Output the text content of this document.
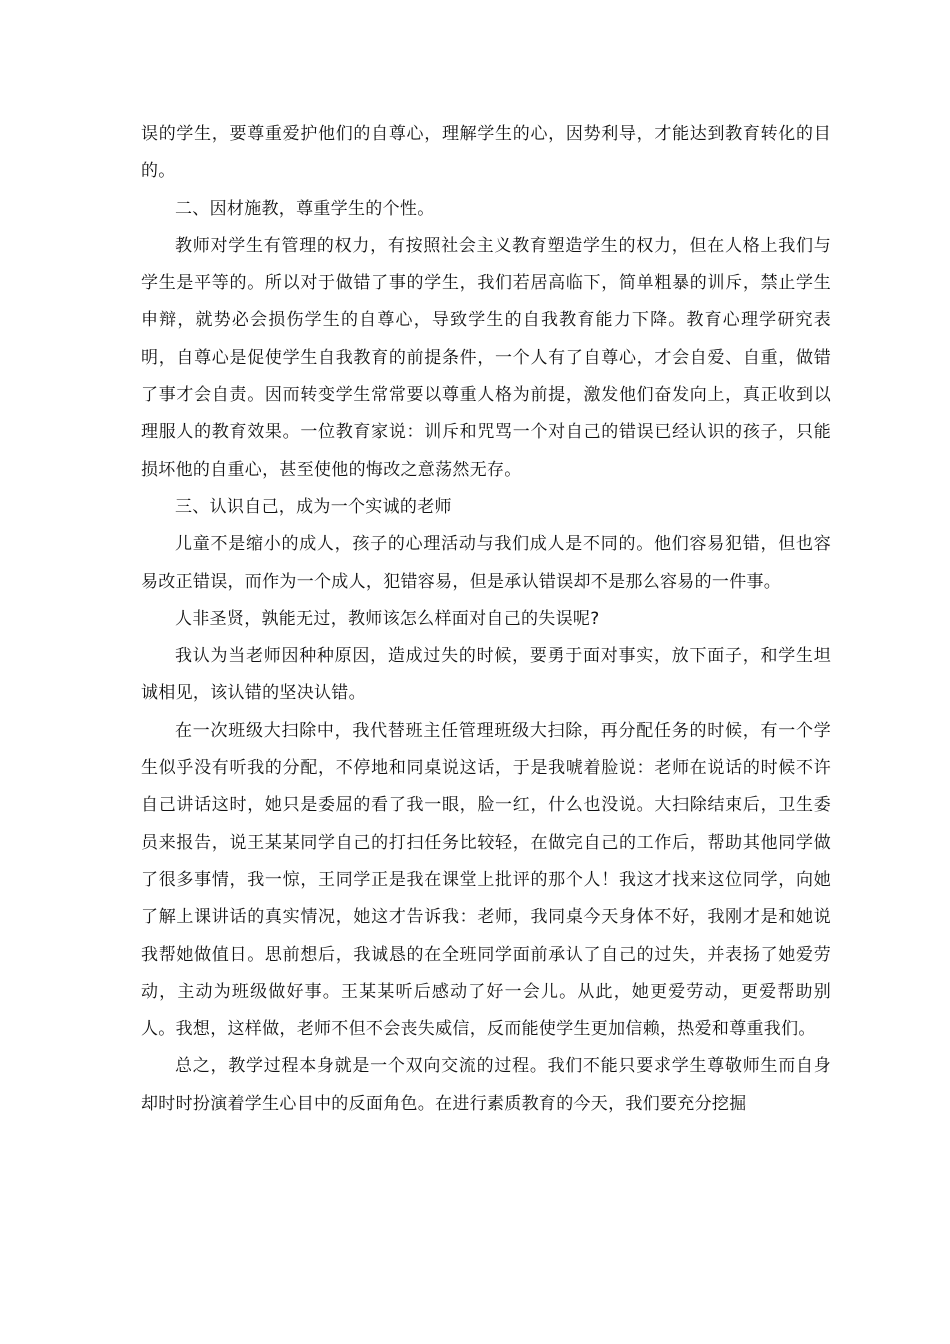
误的学生，要尊重爱护他们的自尊心，理解学生的心，因势利导，才能达到教育转化的目的。

二、因材施教，尊重学生的个性。

教师对学生有管理的权力，有按照社会主义教育塑造学生的权力，但在人格上我们与学生是平等的。所以对于做错了事的学生，我们若居高临下，简单粗暴的训斥，禁止学生申辩，就势必会损伤学生的自尊心，导致学生的自我教育能力下降。教育心理学研究表明，自尊心是促使学生自我教育的前提条件，一个人有了自尊心，才会自爱、自重，做错了事才会自责。因而转变学生常常要以尊重人格为前提，激发他们奋发向上，真正收到以理服人的教育效果。一位教育家说：训斥和咒骂一个对自己的错误已经认识的孩子，只能损坏他的自重心，甚至使他的悔改之意荡然无存。

三、认识自己，成为一个实诚的老师

儿童不是缩小的成人，孩子的心理活动与我们成人是不同的。他们容易犯错，但也容易改正错误，而作为一个成人，犯错容易，但是承认错误却不是那么容易的一件事。

人非圣贤，孰能无过，教师该怎么样面对自己的失误呢?

我认为当老师因种种原因，造成过失的时候，要勇于面对事实，放下面子，和学生坦诚相见，该认错的坚决认错。

在一次班级大扫除中，我代替班主任管理班级大扫除，再分配任务的时候，有一个学生似乎没有听我的分配，不停地和同桌说这话，于是我唬着脸说：老师在说话的时候不许自己讲话这时，她只是委屈的看了我一眼，脸一红，什么也没说。大扫除结束后，卫生委员来报告，说王某某同学自己的打扫任务比较轻，在做完自己的工作后，帮助其他同学做了很多事情，我一惊，王同学正是我在课堂上批评的那个人！我这才找来这位同学，向她了解上课讲话的真实情况，她这才告诉我：老师，我同桌今天身体不好，我刚才是和她说我帮她做值日。思前想后，我诚恳的在全班同学面前承认了自己的过失，并表扬了她爱劳动，主动为班级做好事。王某某听后感动了好一会儿。从此，她更爱劳动，更爱帮助别人。我想，这样做，老师不但不会丧失威信，反而能使学生更加信赖，热爱和尊重我们。

总之，教学过程本身就是一个双向交流的过程。我们不能只要求学生尊敬师生而自身却时时扮演着学生心目中的反面角色。在进行素质教育的今天，我们要充分挖掘
